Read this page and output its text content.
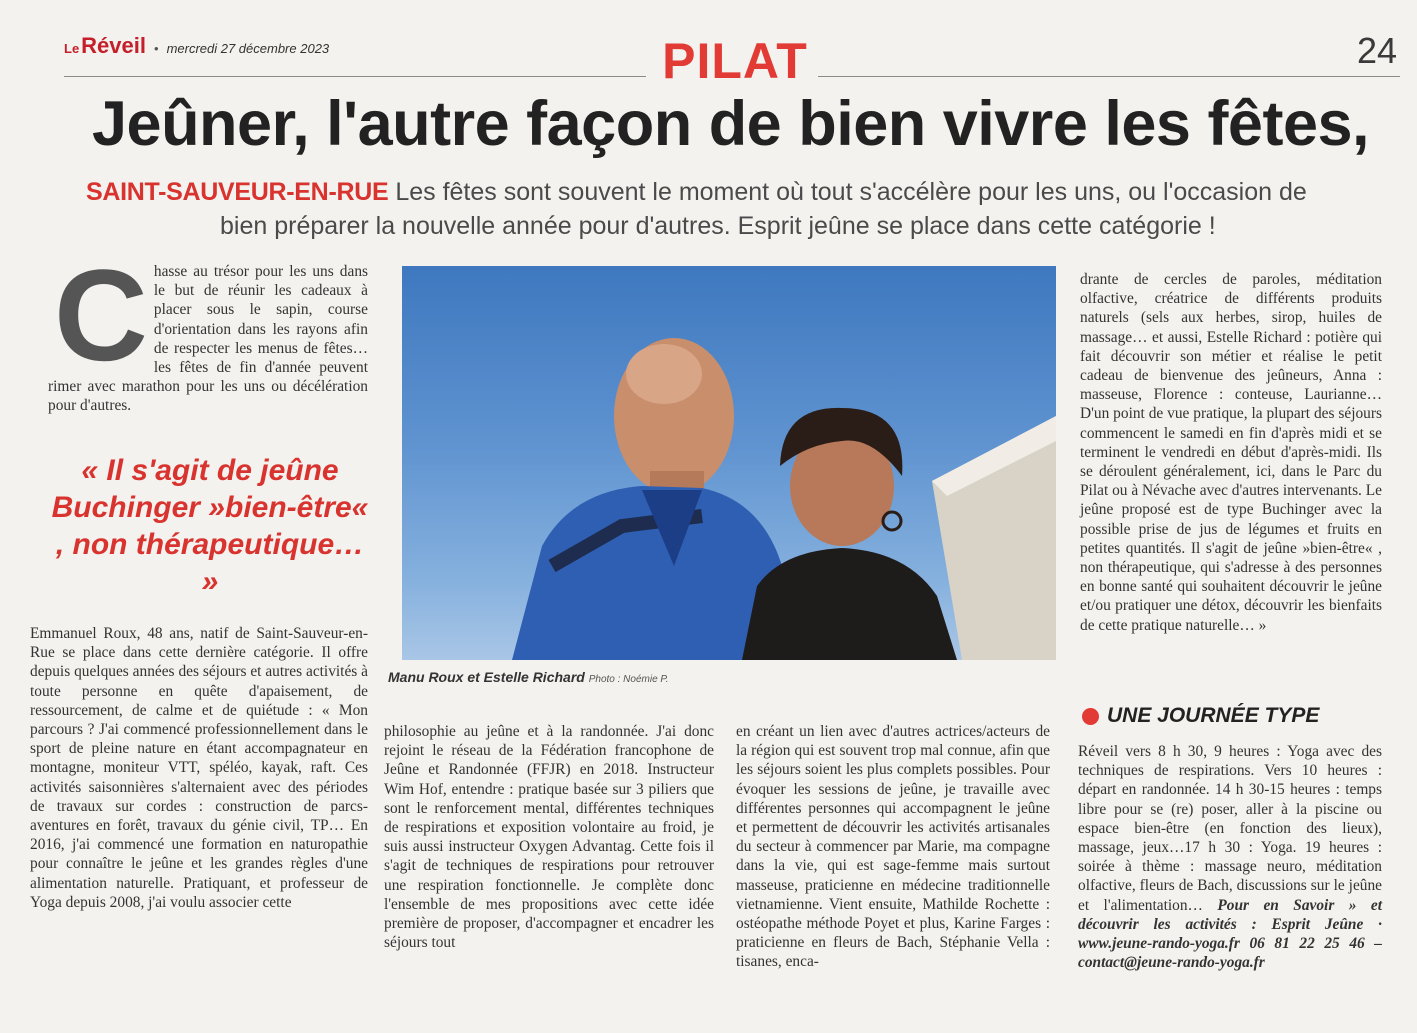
Le Réveil • mercredi 27 décembre 2023	PILAT	24
Jeûner, l'autre façon de bien vivre les fêtes,
SAINT-SAUVEUR-EN-RUE Les fêtes sont souvent le moment où tout s'accélère pour les uns, ou l'occasion de
bien préparer la nouvelle année pour d'autres. Esprit jeûne se place dans cette catégorie !
C hasse au trésor pour les uns dans le but de réunir les cadeaux à placer sous le sapin, course d'orientation dans les rayons afin de respecter les menus de fêtes… les fêtes de fin d'année peuvent rimer avec marathon pour les uns ou décélération pour d'autres.

« Il s'agit de jeûne Buchinger »bien-être« , non thérapeutique… »

Emmanuel Roux, 48 ans, natif de Saint-Sauveur-en-Rue se place dans cette dernière catégorie. Il offre depuis quelques années des séjours et autres activités à toute personne en quête d'apaisement, de ressourcement, de calme et de quiétude : « Mon parcours ? J'ai commencé professionnellement dans le sport de pleine nature en étant accompagnateur en montagne, moniteur VTT, spéléo, kayak, raft. Ces activités saisonnières s'alternaient avec des périodes de travaux sur cordes : construction de parcs-aventures en forêt, travaux du génie civil, TP… En 2016, j'ai commencé une formation en naturopathie pour connaître le jeûne et les grandes règles d'une alimentation naturelle. Pratiquant, et professeur de Yoga depuis 2008, j'ai voulu associer cette

Manu Roux et Estelle Richard Photo : Noémie P.

philosophie au jeûne et à la randonnée. J'ai donc rejoint le réseau de la Fédération francophone de Jeûne et Randonnée (FFJR) en 2018. Instructeur Wim Hof, entendre : pratique basée sur 3 piliers que sont le renforcement mental, différentes techniques de respirations et exposition volontaire au froid, je suis aussi instructeur Oxygen Advantag. Cette fois il s'agit de techniques de respirations pour retrouver une respiration fonctionnelle. Je complète donc l'ensemble de mes propositions avec cette idée première de proposer, d'accompagner et encadrer les séjours tout

en créant un lien avec d'autres actrices/acteurs de la région qui est souvent trop mal connue, afin que les séjours soient les plus complets possibles. Pour évoquer les sessions de jeûne, je travaille avec différentes personnes qui accompagnent le jeûne et permettent de découvrir les activités artisanales du secteur à commencer par Marie, ma compagne dans la vie, qui est sage-femme mais surtout masseuse, praticienne en médecine traditionnelle vietnamienne. Vient ensuite, Mathilde Rochette : ostéopathe méthode Poyet et plus, Karine Farges : praticienne en fleurs de Bach, Stéphanie Vella : tisanes, enca-

drante de cercles de paroles, méditation olfactive, créatrice de différents produits naturels (sels aux herbes, sirop, huiles de massage… et aussi, Estelle Richard : potière qui fait découvrir son métier et réalise le petit cadeau de bienvenue des jeûneurs, Anna : masseuse, Florence : conteuse, Laurianne… D'un point de vue pratique, la plupart des séjours commencent le samedi en fin d'après midi et se terminent le vendredi en début d'après-midi. Ils se déroulent généralement, ici, dans le Parc du Pilat ou à Névache avec d'autres intervenants. Le jeûne proposé est de type Buchinger avec la possible prise de jus de légumes et fruits en petites quantités. Il s'agit de jeûne »bien-être« , non thérapeutique, qui s'adresse à des personnes en bonne santé qui souhaitent découvrir le jeûne et/ou pratiquer une détox, découvrir les bienfaits de cette pratique naturelle… »

UNE JOURNÉE TYPE

Réveil vers 8 h 30, 9 heures : Yoga avec des techniques de respirations. Vers 10 heures : départ en randonnée. 14 h 30-15 heures : temps libre pour se (re) poser, aller à la piscine ou espace bien-être (en fonction des lieux), massage, jeux…17 h 30 : Yoga. 19 heures : soirée à thème : massage neuro, méditation olfactive, fleurs de Bach, discussions sur le jeûne et l'alimentation… Pour en Savoir » et découvrir les activités : Esprit Jeûne · www.jeune-rando-yoga.fr 06 81 22 25 46 – contact@jeune-rando-yoga.fr
